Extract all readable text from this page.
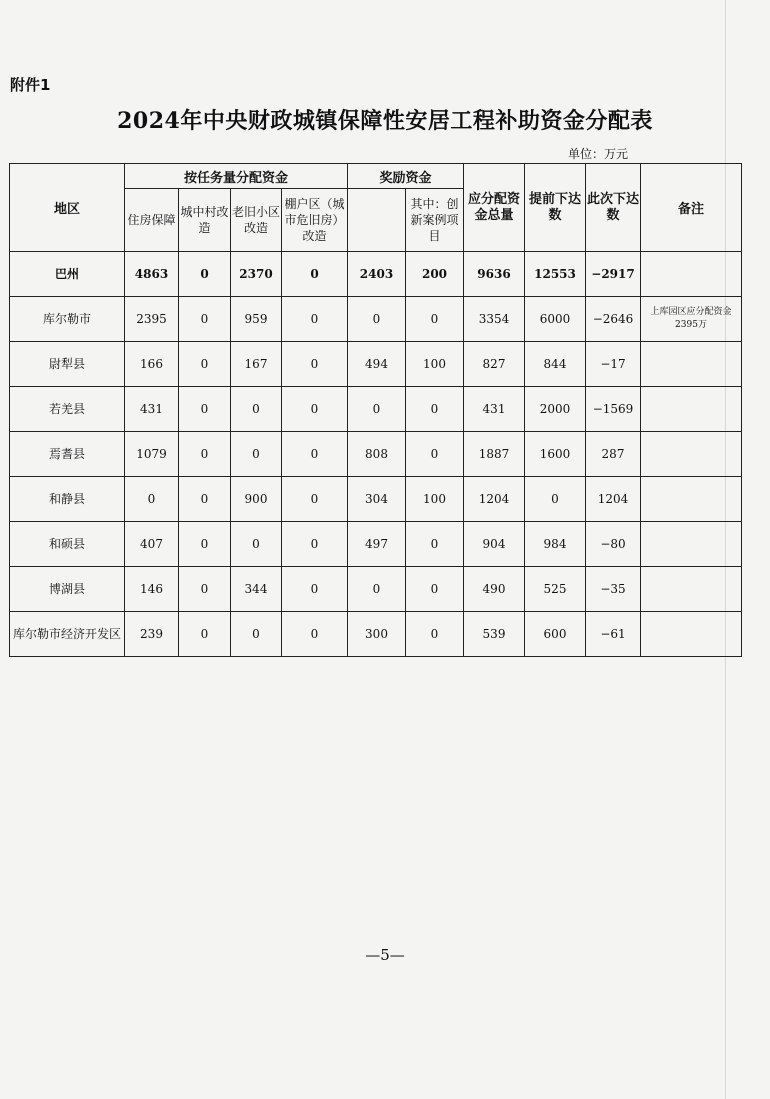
附件1
2024年中央财政城镇保障性安居工程补助资金分配表
单位：万元
地区	按任务量分配资金				奖励资金		应分配资金总量	提前下达数	此次下达数	备注
	住房保障	城中村改造	老旧小区改造	棚户区（城市危旧房）改造		其中：创新案例项目				
巴州	4863	0	2370	0	2403	200	9636	12553	−2917	
库尔勒市	2395	0	959	0	0	0	3354	6000	−2646	上库园区应分配资金2395万
尉犁县	166	0	167	0	494	100	827	844	−17	
若羌县	431	0	0	0	0	0	431	2000	−1569	
焉耆县	1079	0	0	0	808	0	1887	1600	287	
和静县	0	0	900	0	304	100	1204	0	1204	
和硕县	407	0	0	0	497	0	904	984	−80	
博湖县	146	0	344	0	0	0	490	525	−35	
库尔勒市经济开发区	239	0	0	0	300	0	539	600	−61	
—5—
